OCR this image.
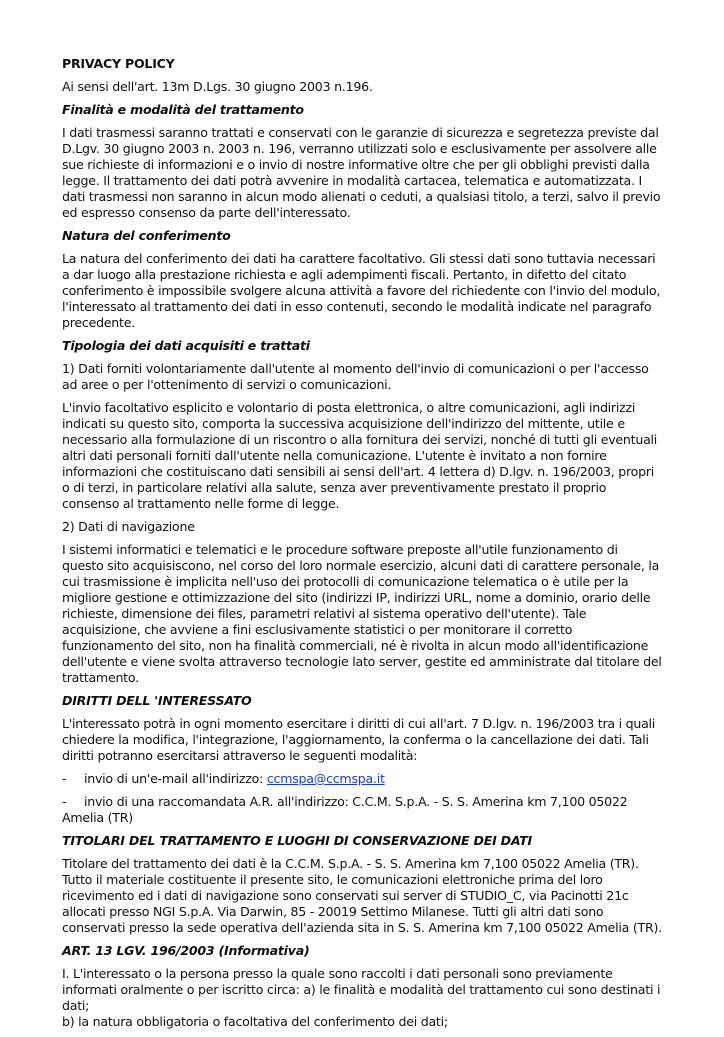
PRIVACY POLICY

Ai sensi dell'art. 13m D.Lgs. 30 giugno 2003 n.196.

Finalità e modalità del trattamento

I dati trasmessi saranno trattati e conservati con le garanzie di sicurezza e segretezza previste dal D.Lgv. 30 giugno 2003 n. 2003 n. 196, verranno utilizzati solo e esclusivamente per assolvere alle sue richieste di informazioni e o invio di nostre informative oltre che per gli obblighi previsti dalla legge. Il trattamento dei dati potrà avvenire in modalità cartacea, telematica e automatizzata. I dati trasmessi non saranno in alcun modo alienati o ceduti, a qualsiasi titolo, a terzi, salvo il previo ed espresso consenso da parte dell'interessato.

Natura del conferimento

La natura del conferimento dei dati ha carattere facoltativo. Gli stessi dati sono tuttavia necessari a dar luogo alla prestazione richiesta e agli adempimenti fiscali. Pertanto, in difetto del citato conferimento è impossibile svolgere alcuna attività a favore del richiedente con l'invio del modulo, l'interessato al trattamento dei dati in esso contenuti, secondo le modalità indicate nel paragrafo precedente.

Tipologia dei dati acquisiti e trattati

1) Dati forniti volontariamente dall'utente al momento dell'invio di comunicazioni o per l'accesso ad aree o per l'ottenimento di servizi o comunicazioni.

L'invio facoltativo esplicito e volontario di posta elettronica, o altre comunicazioni, agli indirizzi indicati su questo sito, comporta la successiva acquisizione dell'indirizzo del mittente, utile e necessario alla formulazione di un riscontro o alla fornitura dei servizi, nonché di tutti gli eventuali altri dati personali forniti dall'utente nella comunicazione. L'utente è invitato a non fornire informazioni che costituiscano dati sensibili ai sensi dell'art. 4 lettera d) D.lgv. n. 196/2003, propri o di terzi, in particolare relativi alla salute, senza aver preventivamente prestato il proprio consenso al trattamento nelle forme di legge.

2) Dati di navigazione

I sistemi informatici e telematici e le procedure software preposte all'utile funzionamento di questo sito acquisiscono, nel corso del loro normale esercizio, alcuni dati di carattere personale, la cui trasmissione è implicita nell'uso dei protocolli di comunicazione telematica o è utile per la migliore gestione e ottimizzazione del sito (indirizzi IP, indirizzi URL, nome a dominio, orario delle richieste, dimensione dei files, parametri relativi al sistema operativo dell'utente). Tale acquisizione, che avviene a fini esclusivamente statistici o per monitorare il corretto funzionamento del sito, non ha finalità commerciali, né è rivolta in alcun modo all'identificazione dell'utente e viene svolta attraverso tecnologie lato server, gestite ed amministrate dal titolare del trattamento.

DIRITTI DELL 'INTERESSATO

L'interessato potrà in ogni momento esercitare i diritti di cui all'art. 7 D.lgv. n. 196/2003 tra i quali chiedere la modifica, l'integrazione, l'aggiornamento, la conferma o la cancellazione dei dati. Tali diritti potranno esercitarsi attraverso le seguenti modalità:

- invio di un'e-mail all'indirizzo: ccmspa@ccmspa.it

- invio di una raccomandata A.R. all'indirizzo: C.C.M. S.p.A. - S. S. Amerina km 7,100 05022 Amelia (TR)

TITOLARI DEL TRATTAMENTO E LUOGHI DI CONSERVAZIONE DEI DATI

Titolare del trattamento dei dati è la C.C.M. S.p.A. - S. S. Amerina km 7,100 05022 Amelia (TR). Tutto il materiale costituente il presente sito, le comunicazioni elettroniche prima del loro ricevimento ed i dati di navigazione sono conservati sui server di STUDIO_C, via Pacinotti 21c allocati presso NGI S.p.A. Via Darwin, 85 - 20019 Settimo Milanese. Tutti gli altri dati sono conservati presso la sede operativa dell'azienda sita in S. S. Amerina km 7,100 05022 Amelia (TR).

ART. 13 LGV. 196/2003 (Informativa)

I. L'interessato o la persona presso la quale sono raccolti i dati personali sono previamente informati oralmente o per iscritto circa: a) le finalità e modalità del trattamento cui sono destinati i dati;

b) la natura obbligatoria o facoltativa del conferimento dei dati;
